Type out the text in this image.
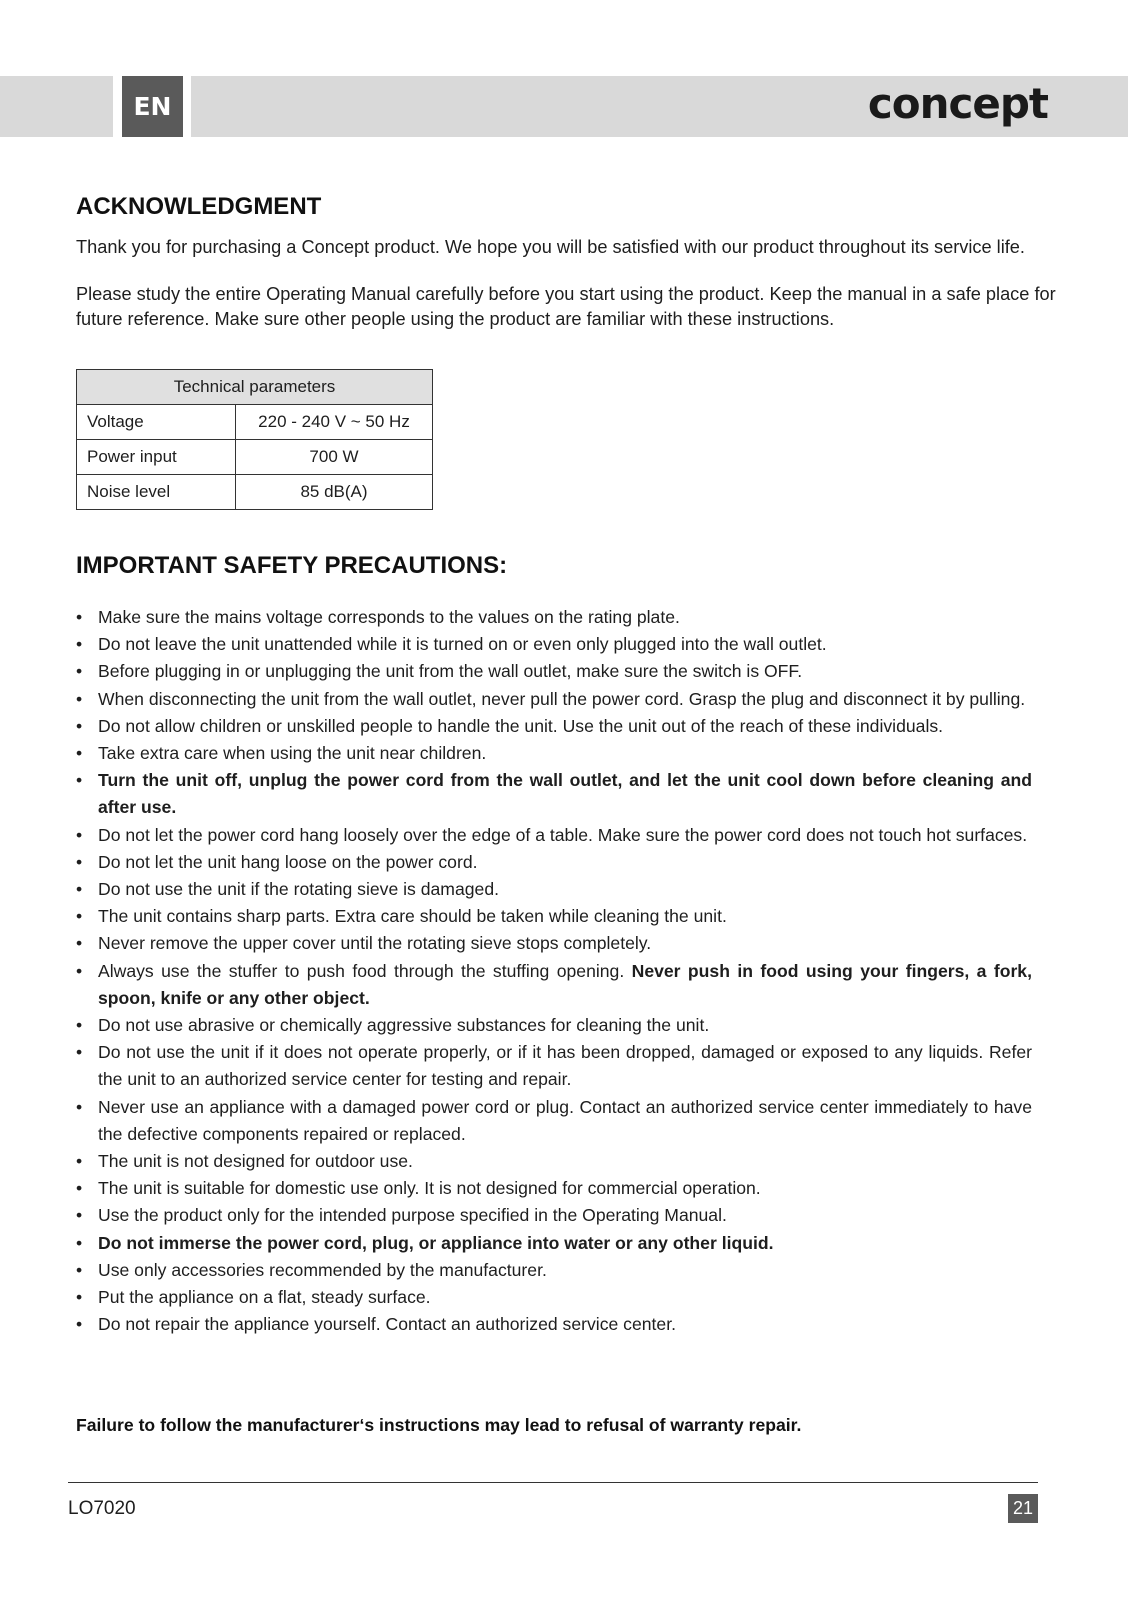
EN	concept
ACKNOWLEDGMENT

Thank you for purchasing a Concept product. We hope you will be satisfied with our product throughout its service life.

Please study the entire Operating Manual carefully before you start using the product. Keep the manual in a safe place for future reference. Make sure other people using the product are familiar with these instructions.

Technical parameters	
Voltage	220 - 240 V ~ 50 Hz
Power input	700 W
Noise level	85 dB(A)
IMPORTANT SAFETY PRECAUTIONS:
• Make sure the mains voltage corresponds to the values on the rating plate.
• Do not leave the unit unattended while it is turned on or even only plugged into the wall outlet.
• Before plugging in or unplugging the unit from the wall outlet, make sure the switch is OFF.
• When disconnecting the unit from the wall outlet, never pull the power cord. Grasp the plug and disconnect it by pulling.
• Do not allow children or unskilled people to handle the unit. Use the unit out of the reach of these individuals.
• Take extra care when using the unit near children.
• Turn the unit off, unplug the power cord from the wall outlet, and let the unit cool down before cleaning and after use.
• Do not let the power cord hang loosely over the edge of a table. Make sure the power cord does not touch hot surfaces.
• Do not let the unit hang loose on the power cord.
• Do not use the unit if the rotating sieve is damaged.
• The unit contains sharp parts. Extra care should be taken while cleaning the unit.
• Never remove the upper cover until the rotating sieve stops completely.
• Always use the stuffer to push food through the stuffing opening. Never push in food using your fingers, a fork, spoon, knife or any other object.
• Do not use abrasive or chemically aggressive substances for cleaning the unit.
• Do not use the unit if it does not operate properly, or if it has been dropped, damaged or exposed to any liquids. Refer the unit to an authorized service center for testing and repair.
• Never use an appliance with a damaged power cord or plug. Contact an authorized service center immediately to have the defective components repaired or replaced.
• The unit is not designed for outdoor use.
• The unit is suitable for domestic use only. It is not designed for commercial operation.
• Use the product only for the intended purpose specified in the Operating Manual.
• Do not immerse the power cord, plug, or appliance into water or any other liquid.
• Use only accessories recommended by the manufacturer.
• Put the appliance on a flat, steady surface.
• Do not repair the appliance yourself. Contact an authorized service center.

Failure to follow the manufacturer‘s instructions may lead to refusal of warranty repair.

LO7020	21
